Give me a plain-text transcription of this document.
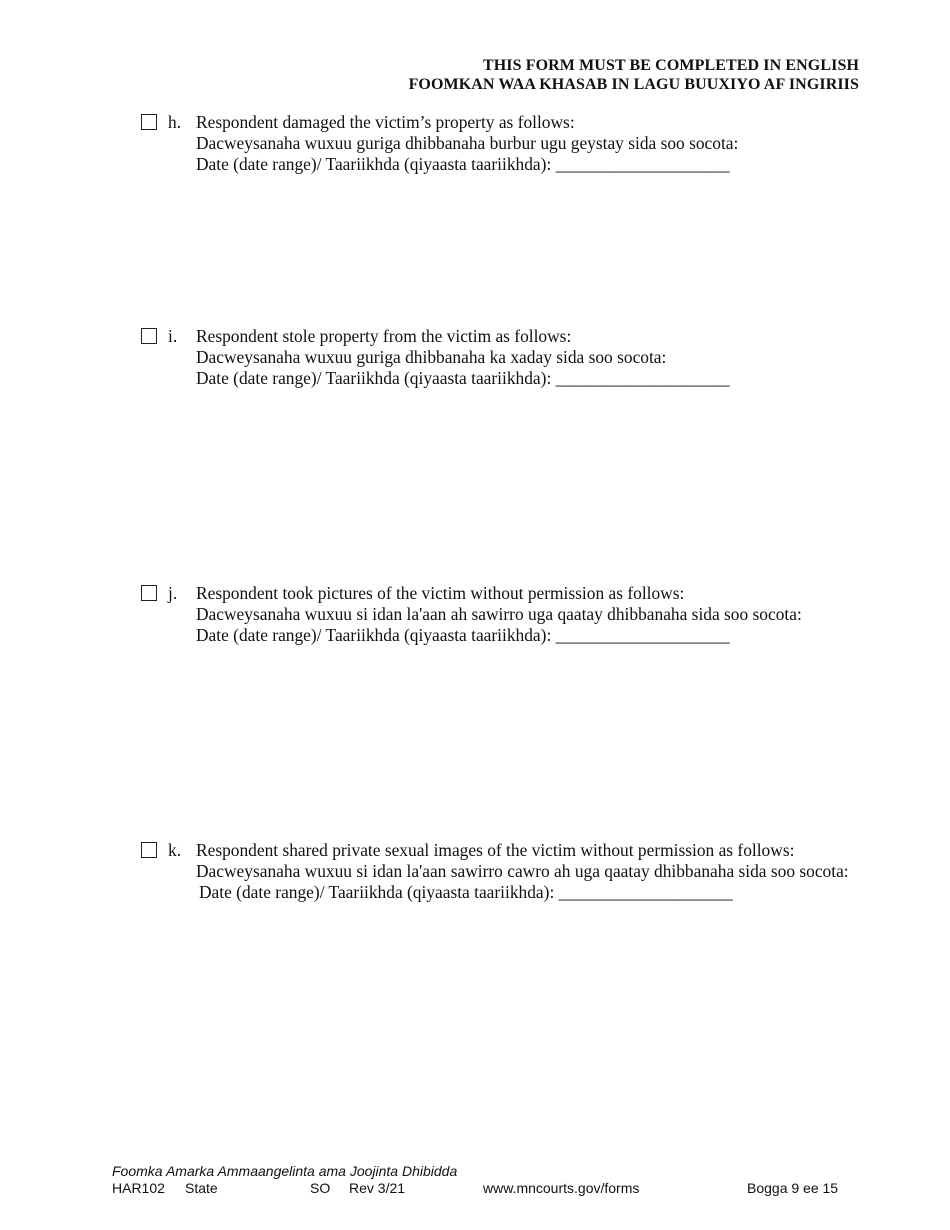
THIS FORM MUST BE COMPLETED IN ENGLISH
FOOMKAN WAA KHASAB IN LAGU BUUXIYO AF INGIRIIS
h. Respondent damaged the victim’s property as follows:
Dacweysanaha wuxuu guriga dhibbanaha burbur ugu geystay sida soo socota:
Date (date range)/ Taariikhda (qiyaasta taariikhda): ____________________
i. Respondent stole property from the victim as follows:
Dacweysanaha wuxuu guriga dhibbanaha ka xaday sida soo socota:
Date (date range)/ Taariikhda (qiyaasta taariikhda): ____________________
j. Respondent took pictures of the victim without permission as follows:
Dacweysanaha wuxuu si idan la'aan ah sawirro uga qaatay dhibbanaha sida soo socota:
Date (date range)/ Taariikhda (qiyaasta taariikhda): ____________________
k. Respondent shared private sexual images of the victim without permission as follows:
Dacweysanaha wuxuu si idan la'aan sawirro cawro ah uga qaatay dhibbanaha sida soo socota:
Date (date range)/ Taariikhda (qiyaasta taariikhda): ____________________
Foomka Amarka Ammaangelinta ama Joojinta Dhibidda
HAR102 State	SO Rev 3/21	www.mncourts.gov/forms	Bogga 9 ee 15
